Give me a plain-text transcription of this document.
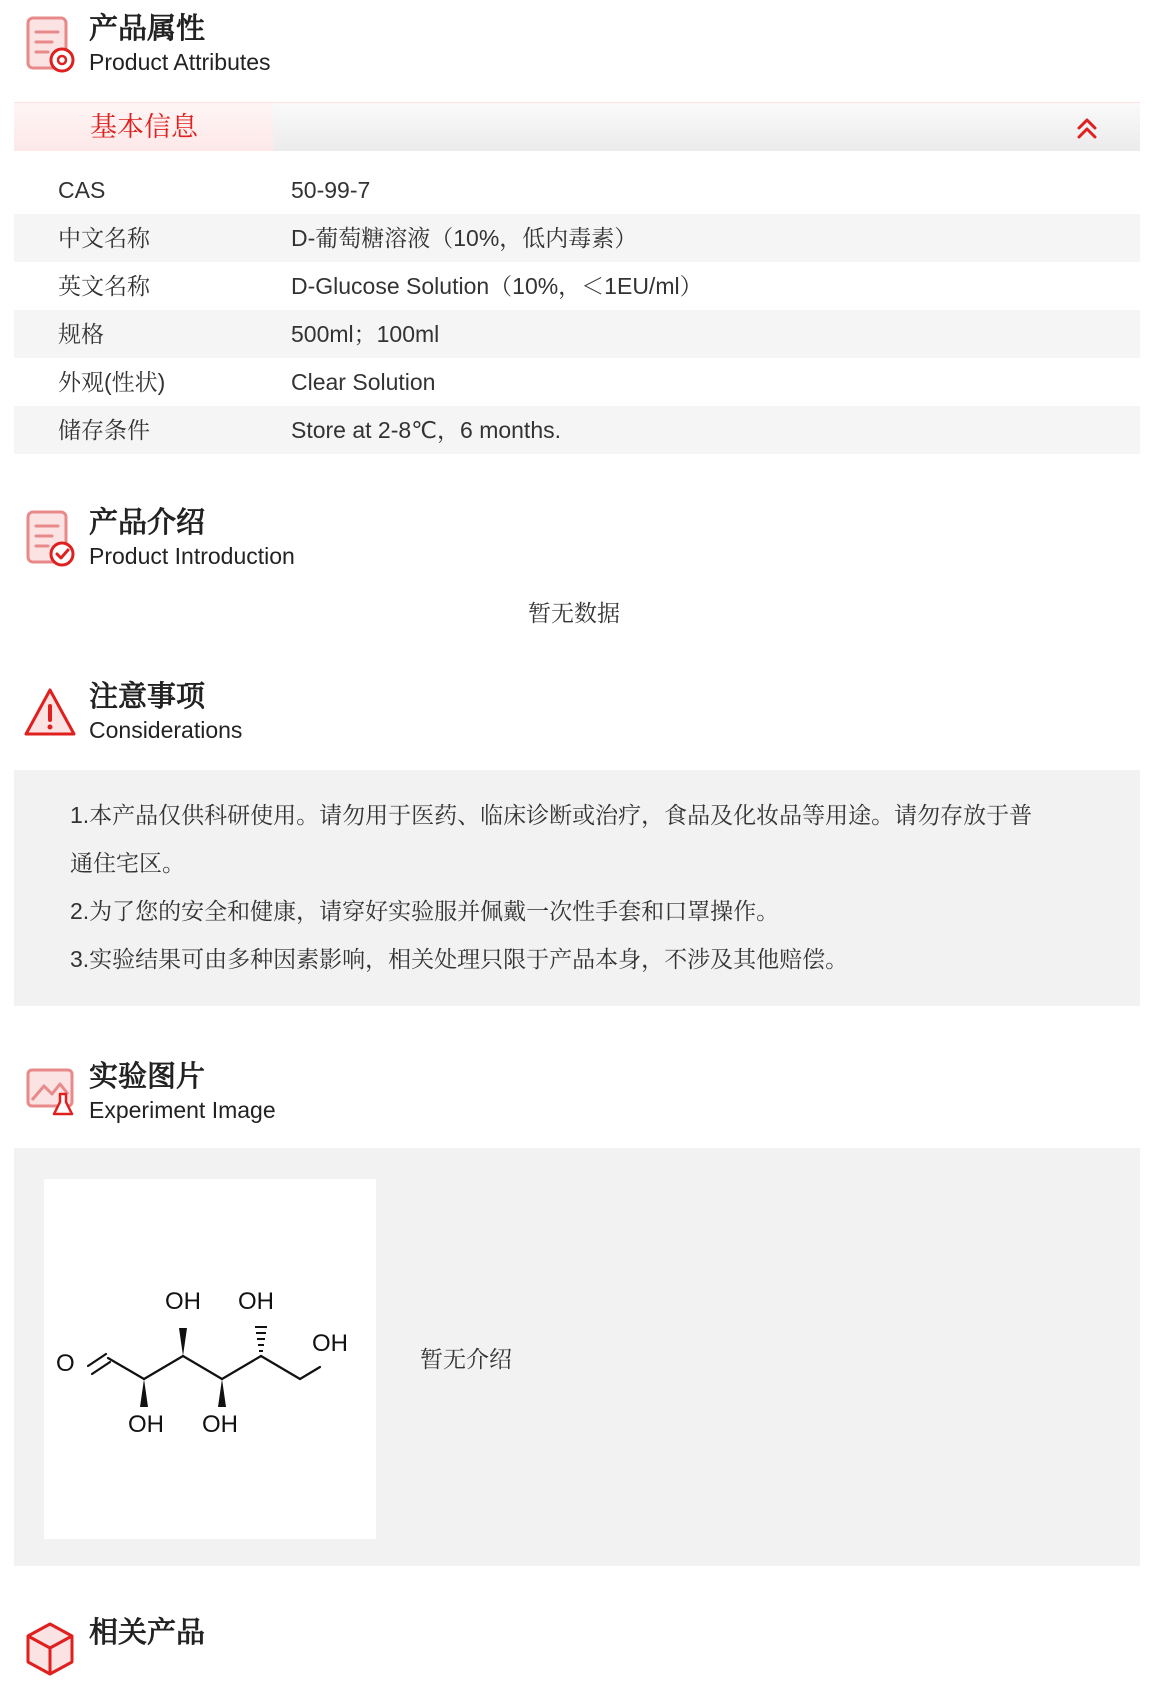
产品属性
Product Attributes
基本信息
CAS	50-99-7
中文名称	D-葡萄糖溶液（10%，低内毒素）
英文名称	D-Glucose Solution（10%，＜1EU/ml）
规格	500ml；100ml
外观(性状)	Clear Solution
储存条件	Store at 2-8℃，6 months.
产品介绍
Product Introduction
暂无数据
注意事项
Considerations
1.本产品仅供科研使用。请勿用于医药、临床诊断或治疗，食品及化妆品等用途。请勿存放于普
通住宅区。
2.为了您的安全和健康，请穿好实验服并佩戴一次性手套和口罩操作。
3.实验结果可由多种因素影响，相关处理只限于产品本身，不涉及其他赔偿。
实验图片
Experiment Image
O
OH
OH
OH
OH
OH
暂无介绍
相关产品
